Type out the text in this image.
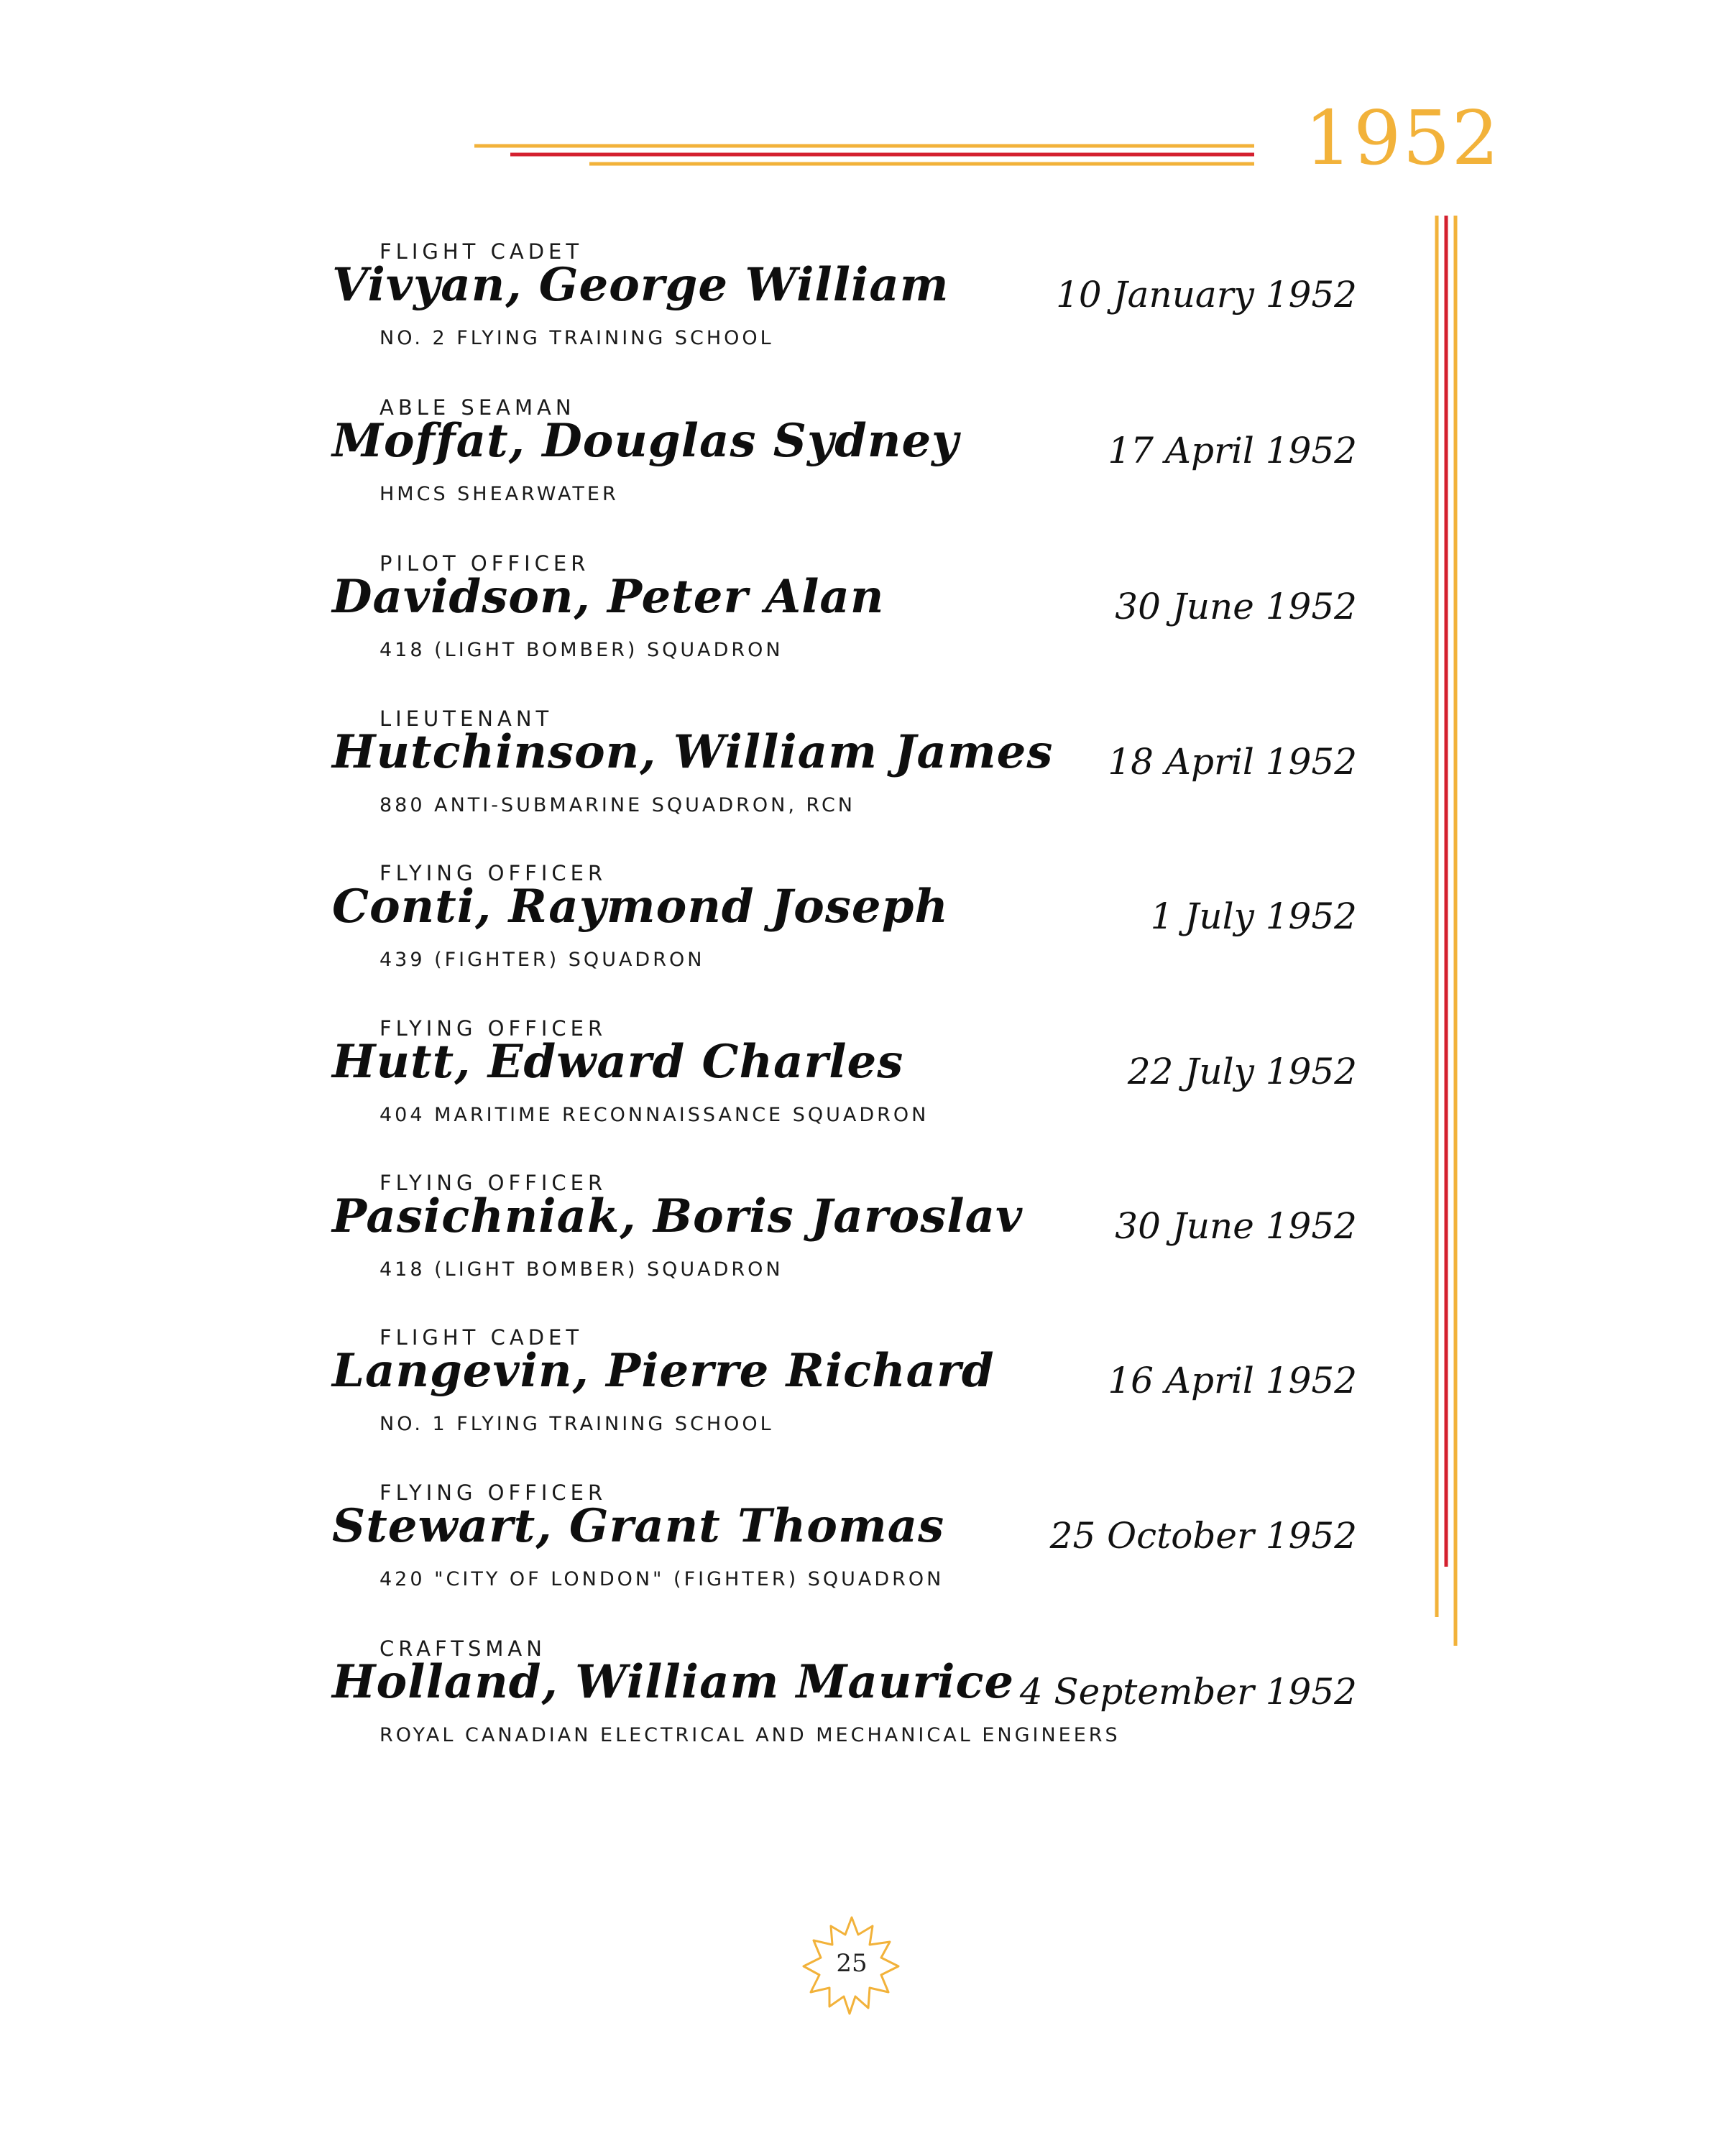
1952
FLIGHT CADET
Vivyan, George William
NO. 2 FLYING TRAINING SCHOOL
10 January 1952
ABLE SEAMAN
Moffat, Douglas Sydney
HMCS SHEARWATER
17 April 1952
PILOT OFFICER
Davidson, Peter Alan
418 (LIGHT BOMBER) SQUADRON
30 June 1952
LIEUTENANT
Hutchinson, William James
880 ANTI-SUBMARINE SQUADRON, RCN
18 April 1952
FLYING OFFICER
Conti, Raymond Joseph
439 (FIGHTER) SQUADRON
1 July 1952
FLYING OFFICER
Hutt, Edward Charles
404 MARITIME RECONNAISSANCE SQUADRON
22 July 1952
FLYING OFFICER
Pasichniak, Boris Jaroslav
418 (LIGHT BOMBER) SQUADRON
30 June 1952
FLIGHT CADET
Langevin, Pierre Richard
NO. 1 FLYING TRAINING SCHOOL
16 April 1952
FLYING OFFICER
Stewart, Grant Thomas
420 "CITY OF LONDON" (FIGHTER) SQUADRON
25 October 1952
CRAFTSMAN
Holland, William Maurice
ROYAL CANADIAN ELECTRICAL AND MECHANICAL ENGINEERS
4 September 1952
25
